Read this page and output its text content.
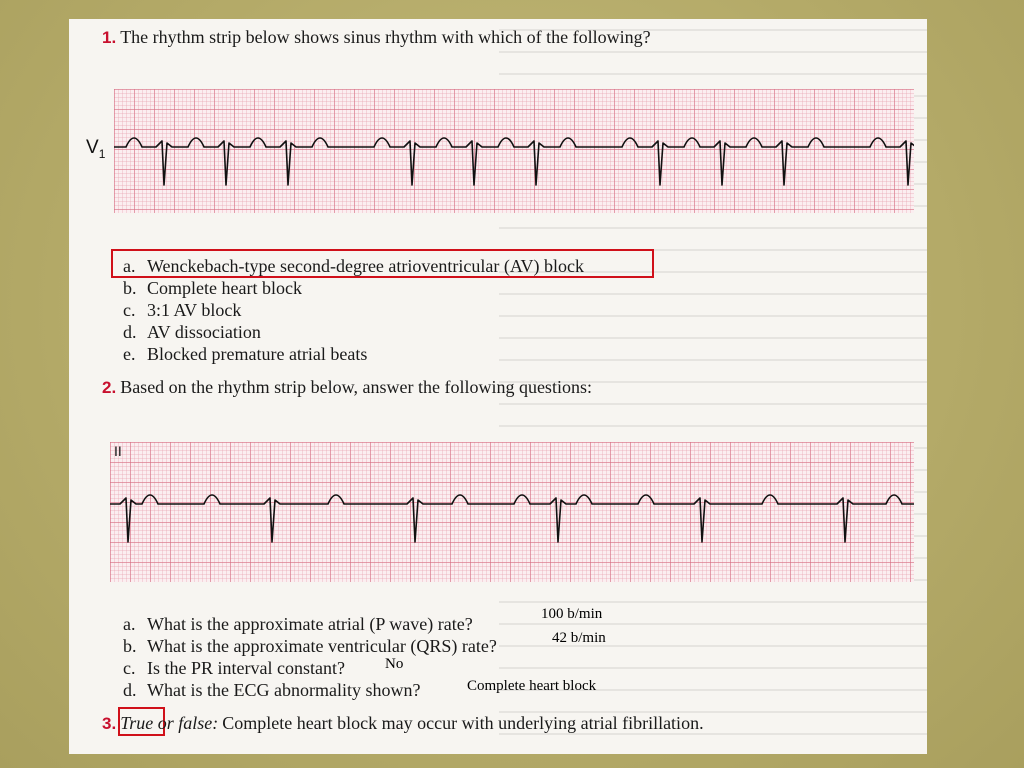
1. The rhythm strip below shows sinus rhythm with which of the following?
$V_1$
a. Wenckebach-type second-degree atrioventricular (AV) block
b. Complete heart block
c. 3:1 AV block
d. AV dissociation
e. Blocked premature atrial beats
2. Based on the rhythm strip below, answer the following questions:
II
a. What is the approximate atrial (P wave) rate?
b. What is the approximate ventricular (QRS) rate?
c. Is the PR interval constant?
d. What is the ECG abnormality shown?
100 b/min
42 b/min
No
Complete heart block
3. True or false: Complete heart block may occur with underlying atrial fibrillation.
